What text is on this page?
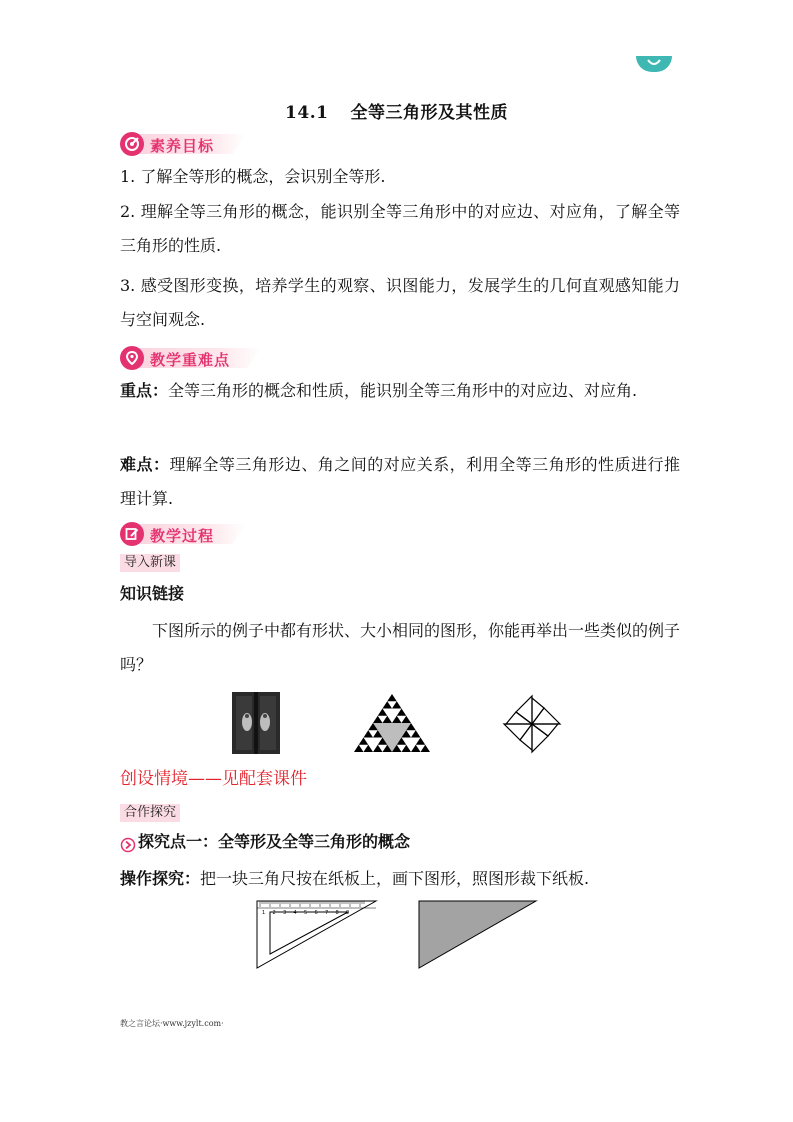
14.1 全等三角形及其性质
素养目标
1. 了解全等形的概念，会识别全等形.
2. 理解全等三角形的概念，能识别全等三角形中的对应边、对应角，了解全等三角形的性质.
3. 感受图形变换，培养学生的观察、识图能力，发展学生的几何直观感知能力与空间观念.
教学重难点
重点：全等三角形的概念和性质，能识别全等三角形中的对应边、对应角.
难点：理解全等三角形边、角之间的对应关系，利用全等三角形的性质进行推理计算.
教学过程
导入新课
知识链接
下图所示的例子中都有形状、大小相同的图形，你能再举出一些类似的例子吗？
创设情境——见配套课件
合作探究
探究点一：全等形及全等三角形的概念
操作探究：把一块三角尺按在纸板上，画下图形，照图形裁下纸板.
1 2 3 4 5 6 7 8 9
教之言论坛·www.jzylt.com·
